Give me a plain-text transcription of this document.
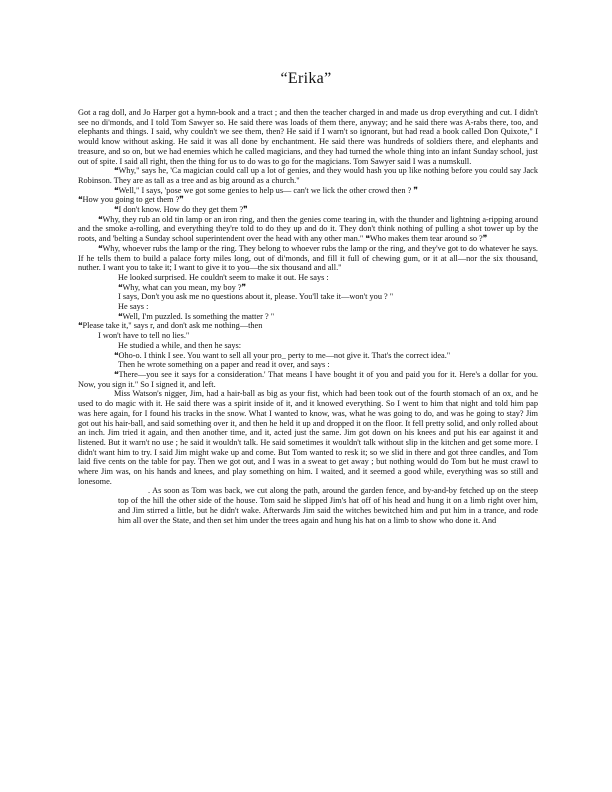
“Erika”

Got a rag doll, and Jo Harper got a hymn-book and a tract ; and then the teacher charged in and made us drop everything and cut. I didn't see no di'monds, and I told Tom Sawyer so. He said there was loads of them there, anyway; and he said there was A-rabs there, too, and elephants and things. I said, why couldn't we see them, then? He said if I warn't so ignorant, but had read a book called Don Quixote," I would know without asking. He said it was all done by enchantment. He said there was hundreds of soldiers there, and elephants and treasure, and so on, but we had enemies which he called magicians, and they had turned the whole thing into an infant Sunday school, just out of spite. I said all right, then the thing for us to do was to go for the magicians. Tom Sawyer said I was a numskull.

❝Why," says he, 'Ca magician could call up a lot of genies, and they would hash you up like nothing before you could say Jack Robinson. They are as tall as a tree and as big around as a church."

❝Well," I says, 'pose we got some genies to help us— can't we lick the other crowd then ? ❞

❝How you going to get them ?❞

❝I don't know. How do they get them ?❞

❝Why, they rub an old tin lamp or an iron ring, and then the genies come tearing in, with the thunder and lightning a-ripping around and the smoke a-rolling, and everything they're told to do they up and do it. They don't think nothing of pulling a shot tower up by the roots, and 'belting a Sunday school superintendent over the head with any other man." ❝Who makes them tear around so ?❞

❝Why, whoever rubs the lamp or the ring. They belong to whoever rubs the lamp or the ring, and they've got to do whatever he says. If he tells them to build a palace forty miles long, out of di'monds, and fill it full of chewing gum, or it at all—nor the six thousand, nuther. I want you to take it; I want to give it to you—the six thousand and all."

He looked surprised. He couldn't seem to make it out. He says :

❝Why, what can you mean, my boy ?❞

I says, Don't you ask me no questions about it, please. You'll take it—won't you ? "

He says :

❝Well, I'm puzzled. Is something the matter ? "

❝Please take it," says r, and don't ask me nothing—then

I won't have to tell no lies."

He studied a while, and then he says:

❝Oho-o. I think I see. You want to sell all your pro_ perty to me—not give it. That's the correct idea."

Then he wrote something on a paper and read it over, and says :

❝There—you see it says for a consideration.' That means I have bought it of you and paid you for it. Here's a dollar for you. Now, you sign it." So I signed it, and left.

Miss Watson's nigger, Jim, had a hair-ball as big as your fist, which had been took out of the fourth stomach of an ox, and he used to do magic with it. He said there was a spirit inside of it, and it knowed everything. So I went to him that night and told him pap was here again, for I found his tracks in the snow. What I wanted to know, was, what he was going to do, and was he going to stay? Jim got out his hair-ball, and said something over it, and then he held it up and dropped it on the floor. It fell pretty solid, and only rolled about an inch. Jim tried it again, and then another time, and it, acted just the same. Jim got down on his knees and put his ear against it and listened. But it warn't no use ; he said it wouldn't talk. He said sometimes it wouldn't talk without slip in the kitchen and get some more. I didn't want him to try. I said Jim might wake up and come. But Tom wanted to resk it; so we slid in there and got three candles, and Tom laid five cents on the table for pay. Then we got out, and I was in a sweat to get away ; but nothing would do Tom but he must crawl to where Jim was, on his hands and knees, and play something on him. I waited, and it seemed a good while, everything was so still and lonesome.

. As soon as Tom was back, we cut along the path, around the garden fence, and by-and-by fetched up on the steep top of the hill the other side of the house. Tom said he slipped Jim's hat off of his head and hung it on a limb right over him, and Jim stirred a little, but he didn't wake. Afterwards Jim said the witches bewitched him and put him in a trance, and rode him all over the State, and then set him under the trees again and hung his hat on a limb to show who done it. And
